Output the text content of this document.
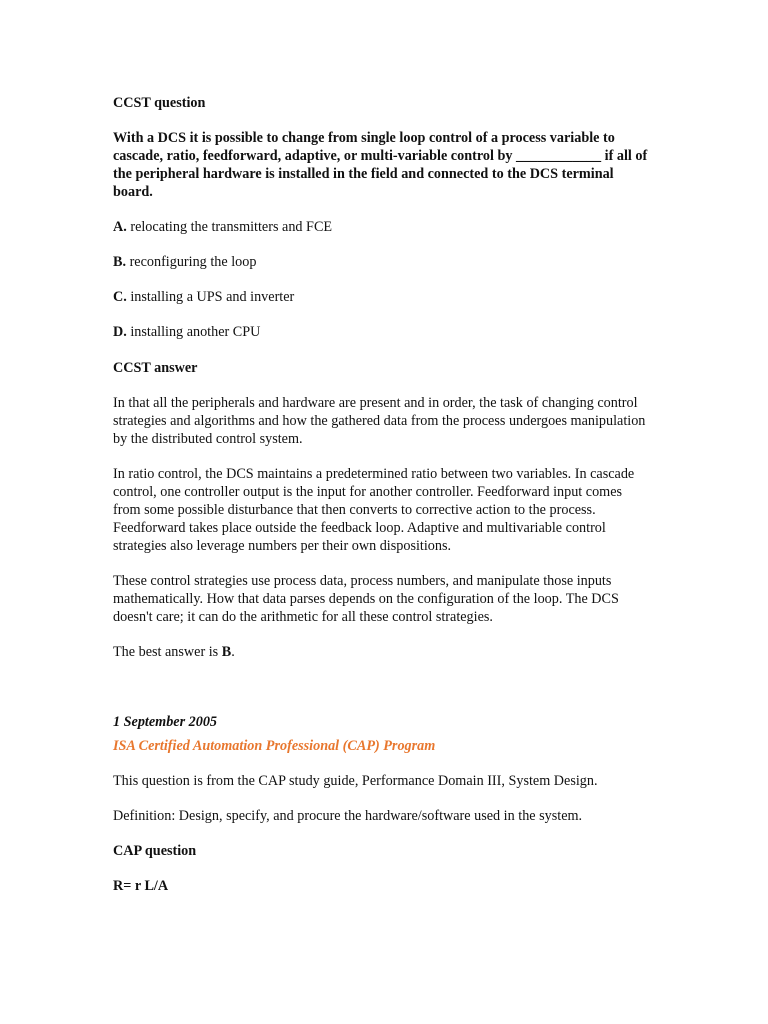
CCST question

With a DCS it is possible to change from single loop control of a process variable to cascade, ratio, feedforward, adaptive, or multi-variable control by ____________ if all of the peripheral hardware is installed in the field and connected to the DCS terminal board.

A. relocating the transmitters and FCE

B. reconfiguring the loop

C. installing a UPS and inverter

D. installing another CPU

CCST answer

In that all the peripherals and hardware are present and in order, the task of changing control strategies and algorithms and how the gathered data from the process undergoes manipulation by the distributed control system.

In ratio control, the DCS maintains a predetermined ratio between two variables. In cascade control, one controller output is the input for another controller. Feedforward input comes from some possible disturbance that then converts to corrective action to the process. Feedforward takes place outside the feedback loop. Adaptive and multivariable control strategies also leverage numbers per their own dispositions.

These control strategies use process data, process numbers, and manipulate those inputs mathematically. How that data parses depends on the configuration of the loop. The DCS doesn't care; it can do the arithmetic for all these control strategies.

The best answer is B.

1 September 2005

ISA Certified Automation Professional (CAP) Program

This question is from the CAP study guide, Performance Domain III, System Design.

Definition: Design, specify, and procure the hardware/software used in the system.

CAP question

R= r L/A
